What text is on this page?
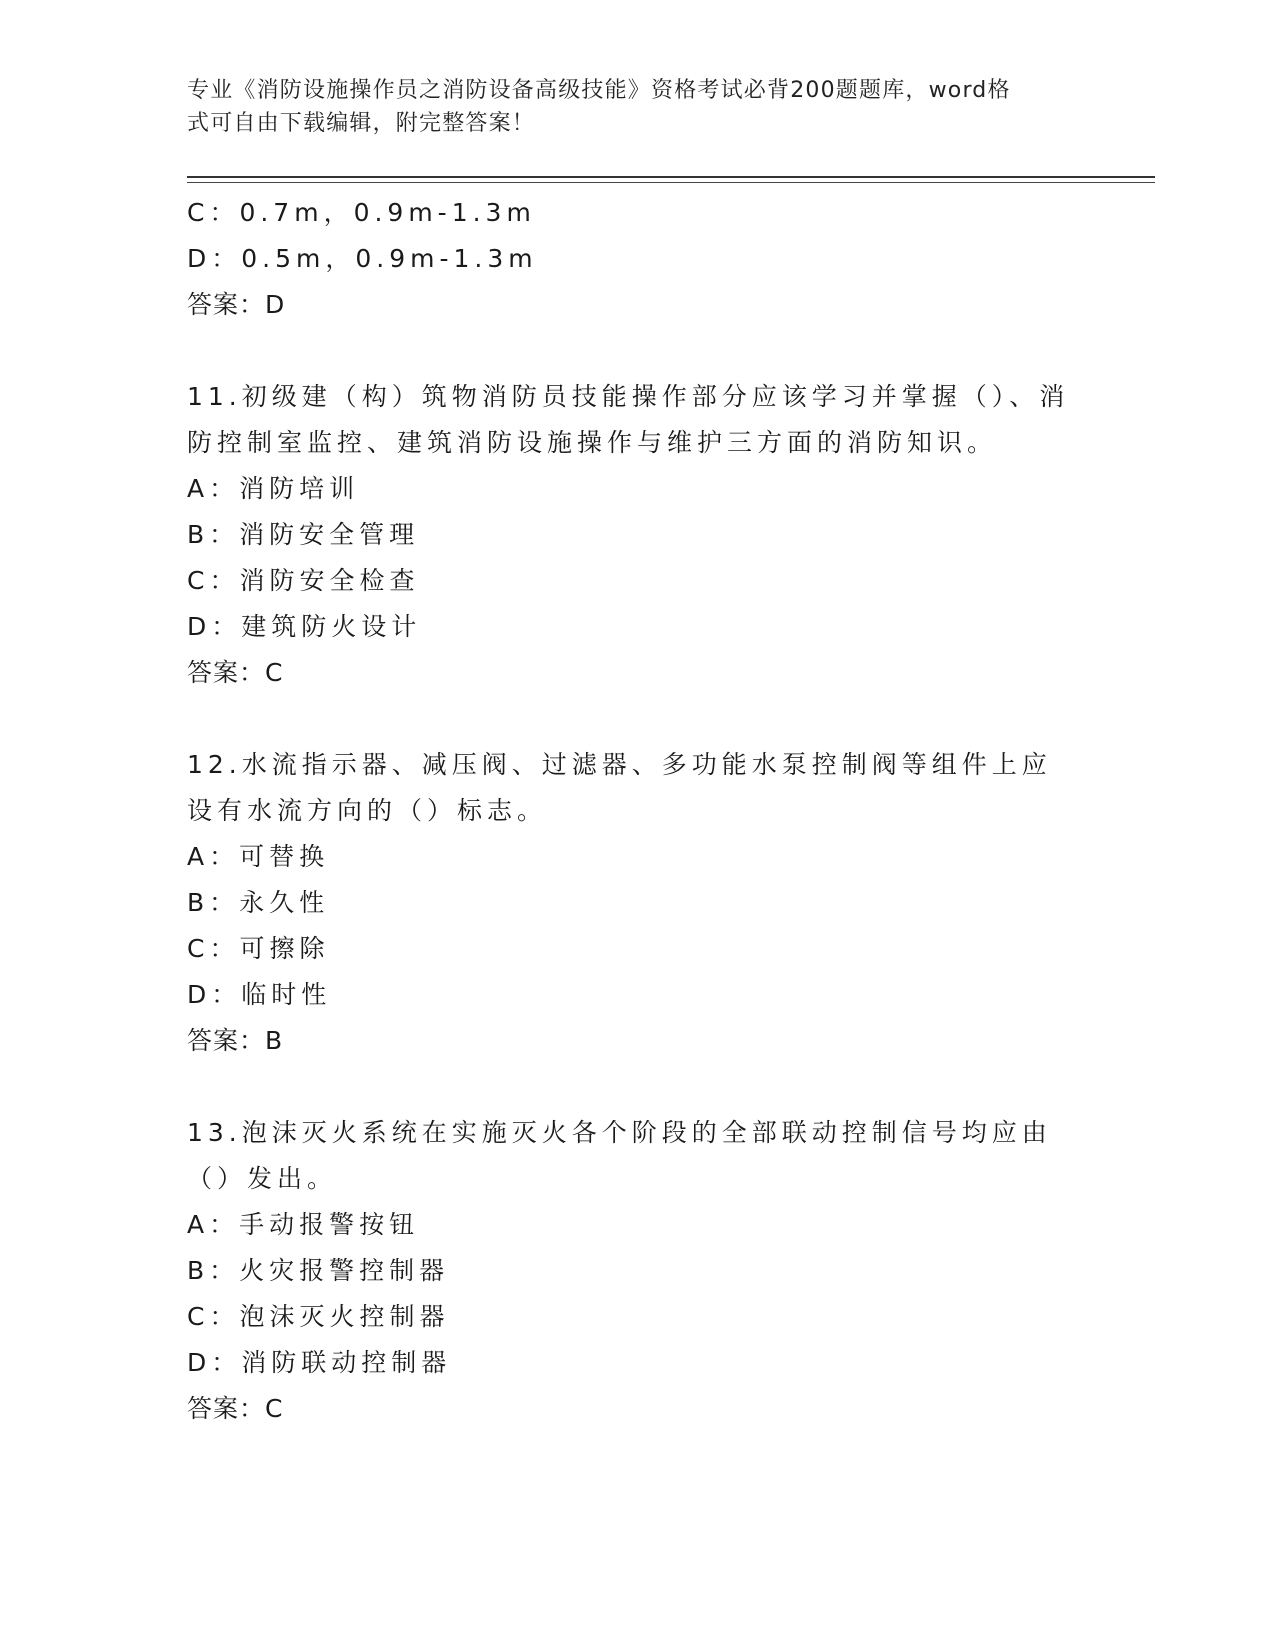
专业《消防设施操作员之消防设备高级技能》资格考试必背200题题库，word格
式可自由下载编辑，附完整答案！
C：0.7m，0.9m-1.3m
D：0.5m，0.9m-1.3m
答案：D
11.初级建（构）筑物消防员技能操作部分应该学习并掌握（）、消防控制室监控、建筑消防设施操作与维护三方面的消防知识。
A：消防培训
B：消防安全管理
C：消防安全检查
D：建筑防火设计
答案：C
12.水流指示器、减压阀、过滤器、多功能水泵控制阀等组件上应设有水流方向的（）标志。
A：可替换
B：永久性
C：可擦除
D：临时性
答案：B
13.泡沫灭火系统在实施灭火各个阶段的全部联动控制信号均应由（）发出。
A：手动报警按钮
B：火灾报警控制器
C：泡沫灭火控制器
D：消防联动控制器
答案：C
